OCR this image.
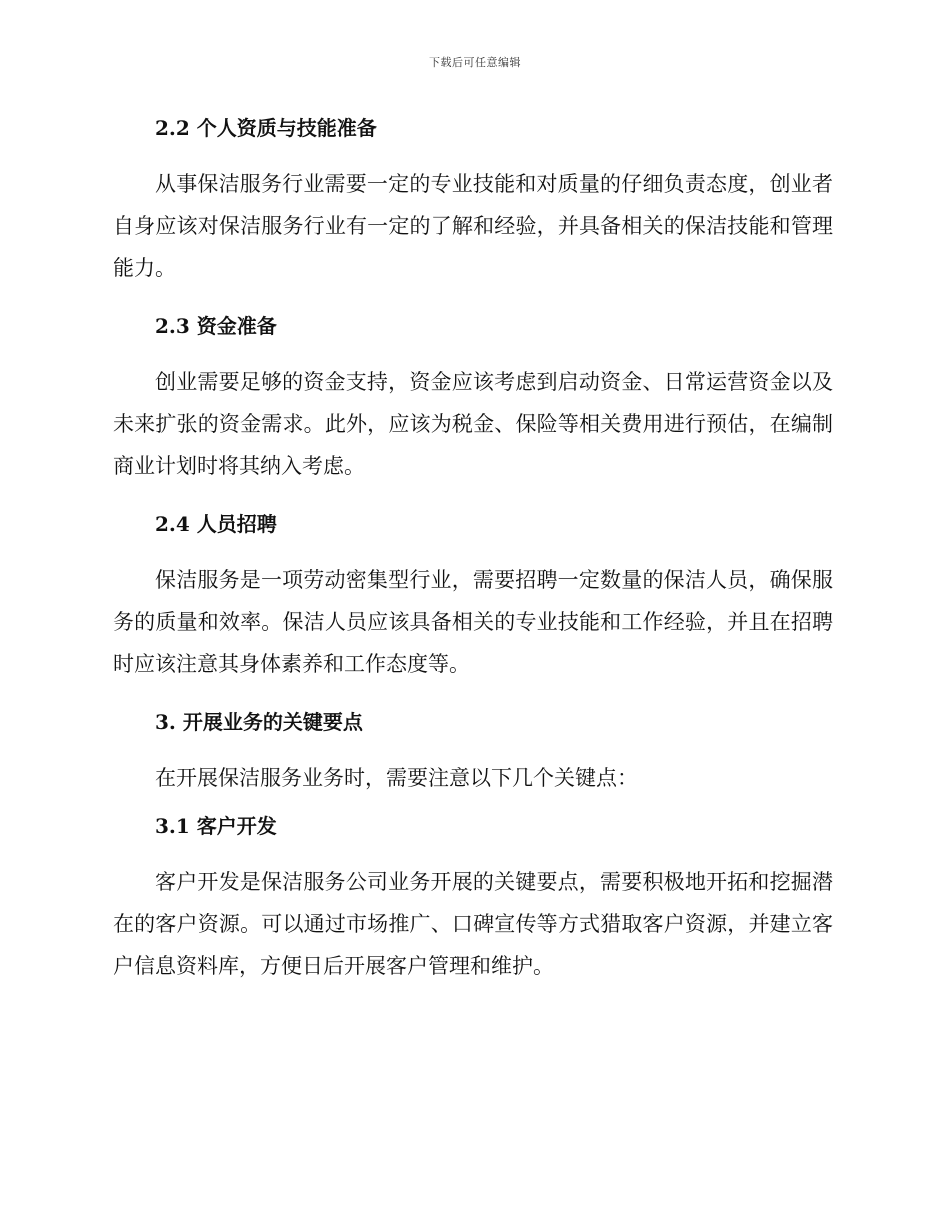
下载后可任意编辑
2.2 个人资质与技能准备

从事保洁服务行业需要一定的专业技能和对质量的仔细负责态度，创业者自身应该对保洁服务行业有一定的了解和经验，并具备相关的保洁技能和管理能力。

2.3 资金准备

创业需要足够的资金支持，资金应该考虑到启动资金、日常运营资金以及未来扩张的资金需求。此外，应该为税金、保险等相关费用进行预估，在编制商业计划时将其纳入考虑。

2.4 人员招聘

保洁服务是一项劳动密集型行业，需要招聘一定数量的保洁人员，确保服务的质量和效率。保洁人员应该具备相关的专业技能和工作经验，并且在招聘时应该注意其身体素养和工作态度等。

3. 开展业务的关键要点

在开展保洁服务业务时，需要注意以下几个关键点：

3.1 客户开发

客户开发是保洁服务公司业务开展的关键要点，需要积极地开拓和挖掘潜在的客户资源。可以通过市场推广、口碑宣传等方式猎取客户资源，并建立客户信息资料库，方便日后开展客户管理和维护。
